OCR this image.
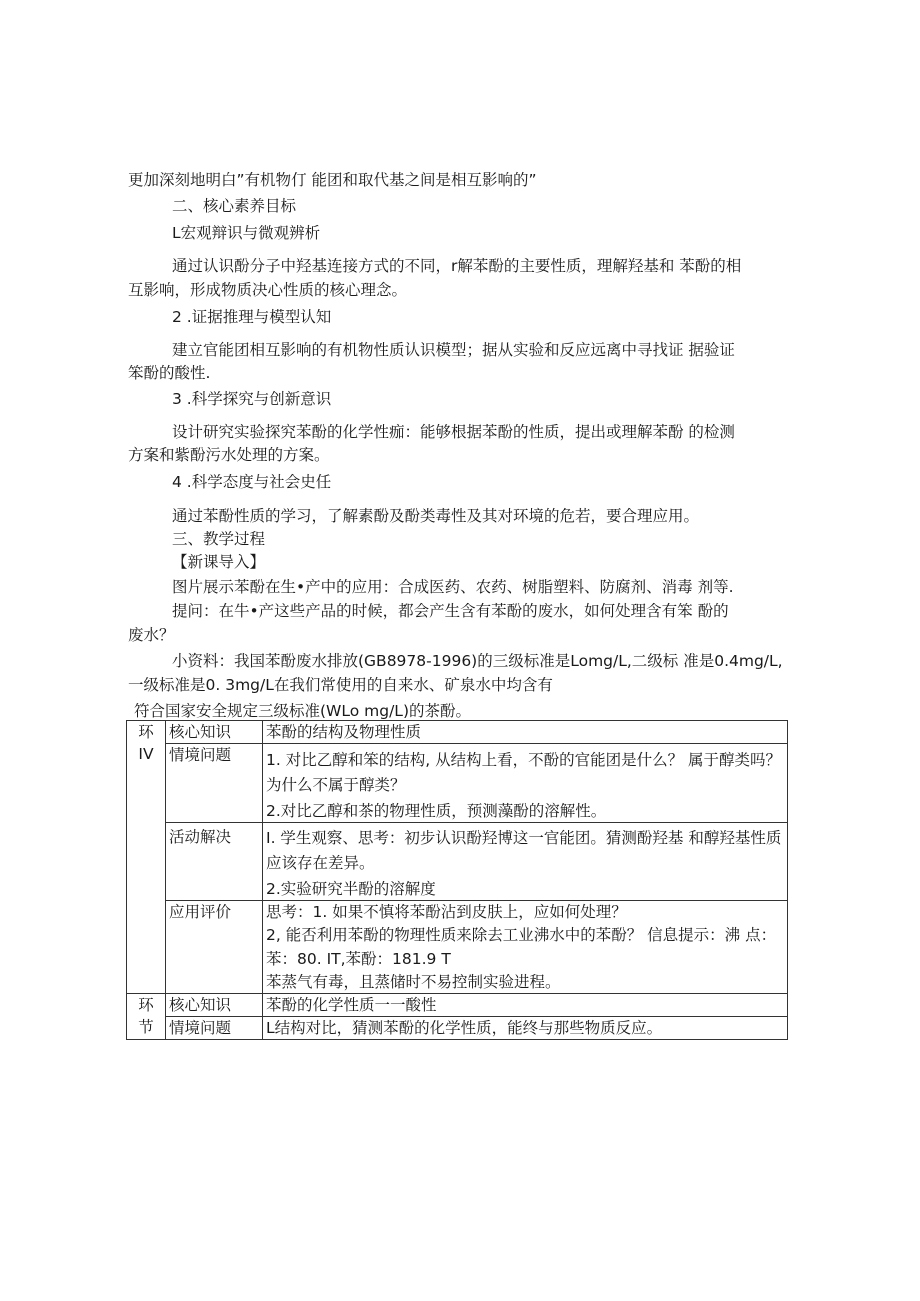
更加深刻地明白”有机物仃 能团和取代基之间是相互影响的”
二、核心素养目标
L宏观辩识与微观辨析
通过认识酚分子中羟基连接方式的不同，r解苯酚的主要性质，理解羟基和 苯酚的相
互影响，形成物质决心性质的核心理念。
2 .证据推理与模型认知
建立官能团相互影响的有机物性质认识模型；据从实验和反应远离中寻找证 据验证
笨酚的酸性.
3 .科学探究与创新意识
设计研究实验探究苯酚的化学性痂：能够根据苯酚的性质，提出或理解苯酚 的检测
方案和紫酚污水处理的方案。
4 .科学态度与社会史任
通过苯酚性质的学习，了解素酚及酚类毒性及其对环境的危若，要合理应用。
三、教学过程
【新课导入】
图片展示苯酚在生•产中的应用：合成医药、农药、树脂塑料、防腐剂、消毒 剂等.
提问：在牛•产这些产品的时候，都会产生含有苯酚的废水，如何处理含有笨 酚的
废水？
小资料：我国苯酚废水排放(GB8978-1996)的三级标准是Lomg/L,二级标 准是0.4mg/L,
一级标准是0. 3mg/L在我们常使用的自来水、矿泉水中均含有
符合国家安全规定三级标准(WLo mg/L)的茶酚。
环
IV	核心知识	苯酚的结构及物理性质

	情境问题	1. 对比乙醇和笨的结构, 从结构上看，不酚的官能团是什么？ 属于醇类吗？为什么不属于醇类？
2.对比乙醇和茶的物理性质，预测藻酚的溶解性。

	活动解决	I. 学生观察、思考：初步认识酚羟博这一官能团。猜测酚羟基 和醇羟基性质应该存在差异。
2.实验研究半酚的溶解度

	应用评价	思考：1. 如果不慎将苯酚沾到皮肤上，应如何处理？
2, 能否利用苯酚的物理性质来除去工业沸水中的苯酚？ 信息提示：沸 点：苯：80. IT,苯酚：181.9 T
苯蒸气有毒，且蒸储时不易控制实验进程。

环
节	核心知识	苯酚的化学性质一一酸性

	情境问题	L结构对比，猜测苯酚的化学性质，能终与那些物质反应。
